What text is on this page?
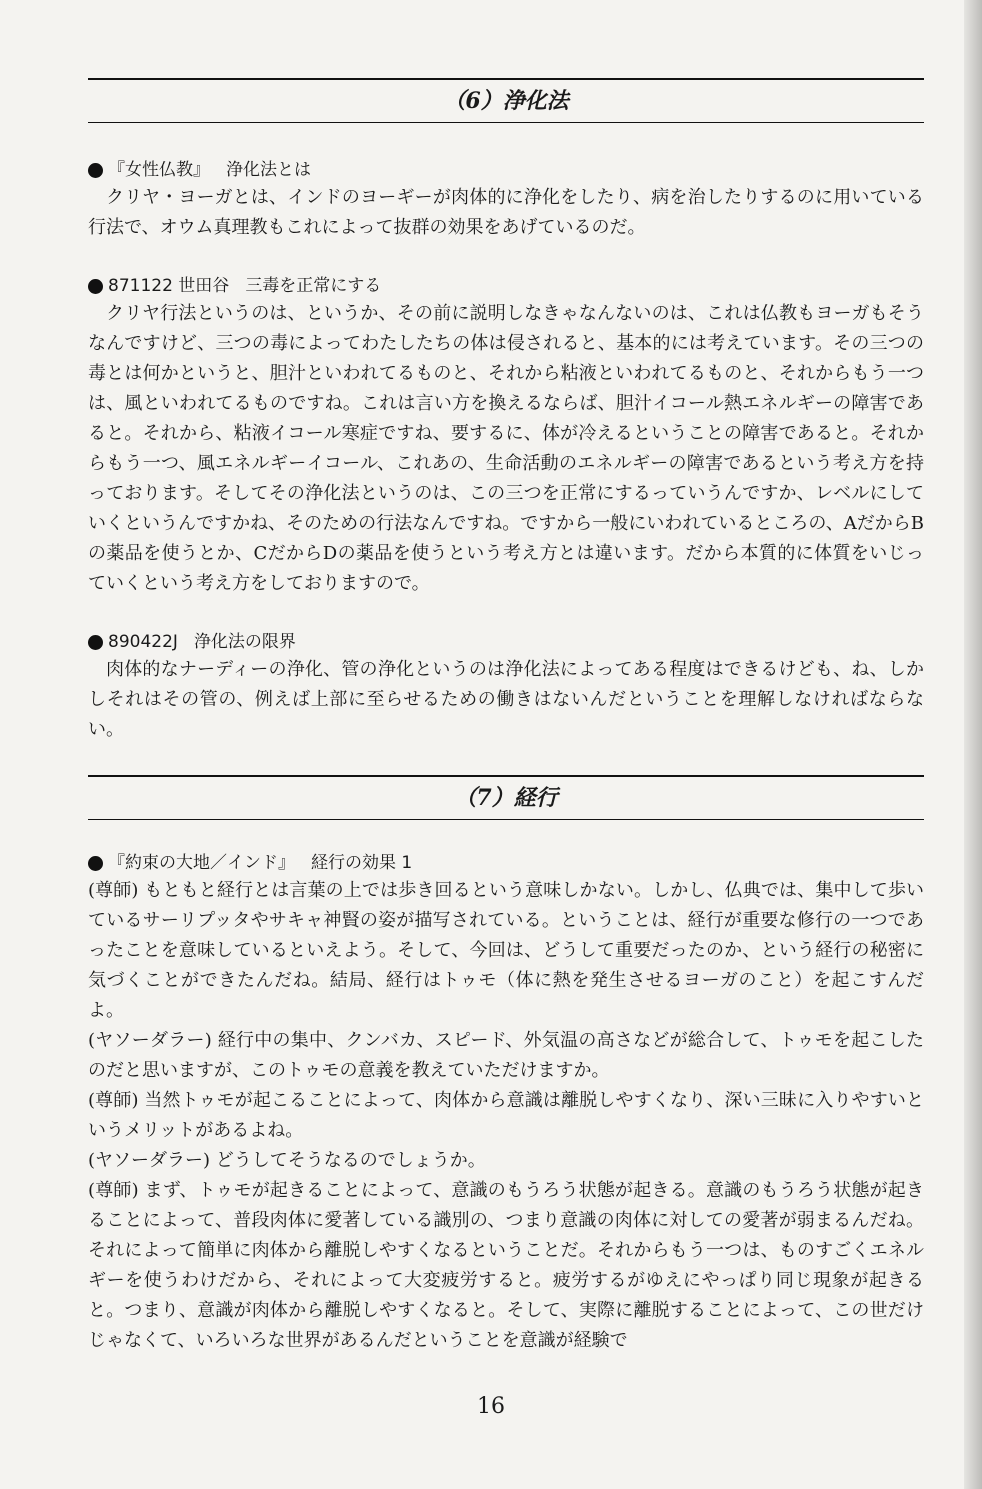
（6）浄化法
『女性仏教』 浄化法とは

クリヤ・ヨーガとは、インドのヨーギーが肉体的に浄化をしたり、病を治したりするのに用いている行法で、オウム真理教もこれによって抜群の効果をあげているのだ。

871122 世田谷 三毒を正常にする

クリヤ行法というのは、というか、その前に説明しなきゃなんないのは、これは仏教もヨーガもそうなんですけど、三つの毒によってわたしたちの体は侵されると、基本的には考えています。その三つの毒とは何かというと、胆汁といわれてるものと、それから粘液といわれてるものと、それからもう一つは、風といわれてるものですね。これは言い方を換えるならば、胆汁イコール熱エネルギーの障害であると。それから、粘液イコール寒症ですね、要するに、体が冷えるということの障害であると。それからもう一つ、風エネルギーイコール、これあの、生命活動のエネルギーの障害であるという考え方を持っております。そしてその浄化法というのは、この三つを正常にするっていうんですか、レベルにしていくというんですかね、そのための行法なんですね。ですから一般にいわれているところの、AだからBの薬品を使うとか、CだからDの薬品を使うという考え方とは違います。だから本質的に体質をいじっていくという考え方をしておりますので。

890422J 浄化法の限界

肉体的なナーディーの浄化、管の浄化というのは浄化法によってある程度はできるけども、ね、しかしそれはその管の、例えば上部に至らせるための働きはないんだということを理解しなければならない。

（7）経行
『約束の大地／インド』 経行の効果 1

(尊師) もともと経行とは言葉の上では歩き回るという意味しかない。しかし、仏典では、集中して歩いているサーリプッタやサキャ神賢の姿が描写されている。ということは、経行が重要な修行の一つであったことを意味しているといえよう。そして、今回は、どうして重要だったのか、という経行の秘密に気づくことができたんだね。結局、経行はトゥモ（体に熱を発生させるヨーガのこと）を起こすんだよ。

(ヤソーダラー) 経行中の集中、クンバカ、スピード、外気温の高さなどが総合して、トゥモを起こしたのだと思いますが、このトゥモの意義を教えていただけますか。

(尊師) 当然トゥモが起こることによって、肉体から意識は離脱しやすくなり、深い三昧に入りやすいというメリットがあるよね。

(ヤソーダラー) どうしてそうなるのでしょうか。

(尊師) まず、トゥモが起きることによって、意識のもうろう状態が起きる。意識のもうろう状態が起きることによって、普段肉体に愛著している識別の、つまり意識の肉体に対しての愛著が弱まるんだね。それによって簡単に肉体から離脱しやすくなるということだ。それからもう一つは、ものすごくエネルギーを使うわけだから、それによって大変疲労すると。疲労するがゆえにやっぱり同じ現象が起きると。つまり、意識が肉体から離脱しやすくなると。そして、実際に離脱することによって、この世だけじゃなくて、いろいろな世界があるんだということを意識が経験で

16
